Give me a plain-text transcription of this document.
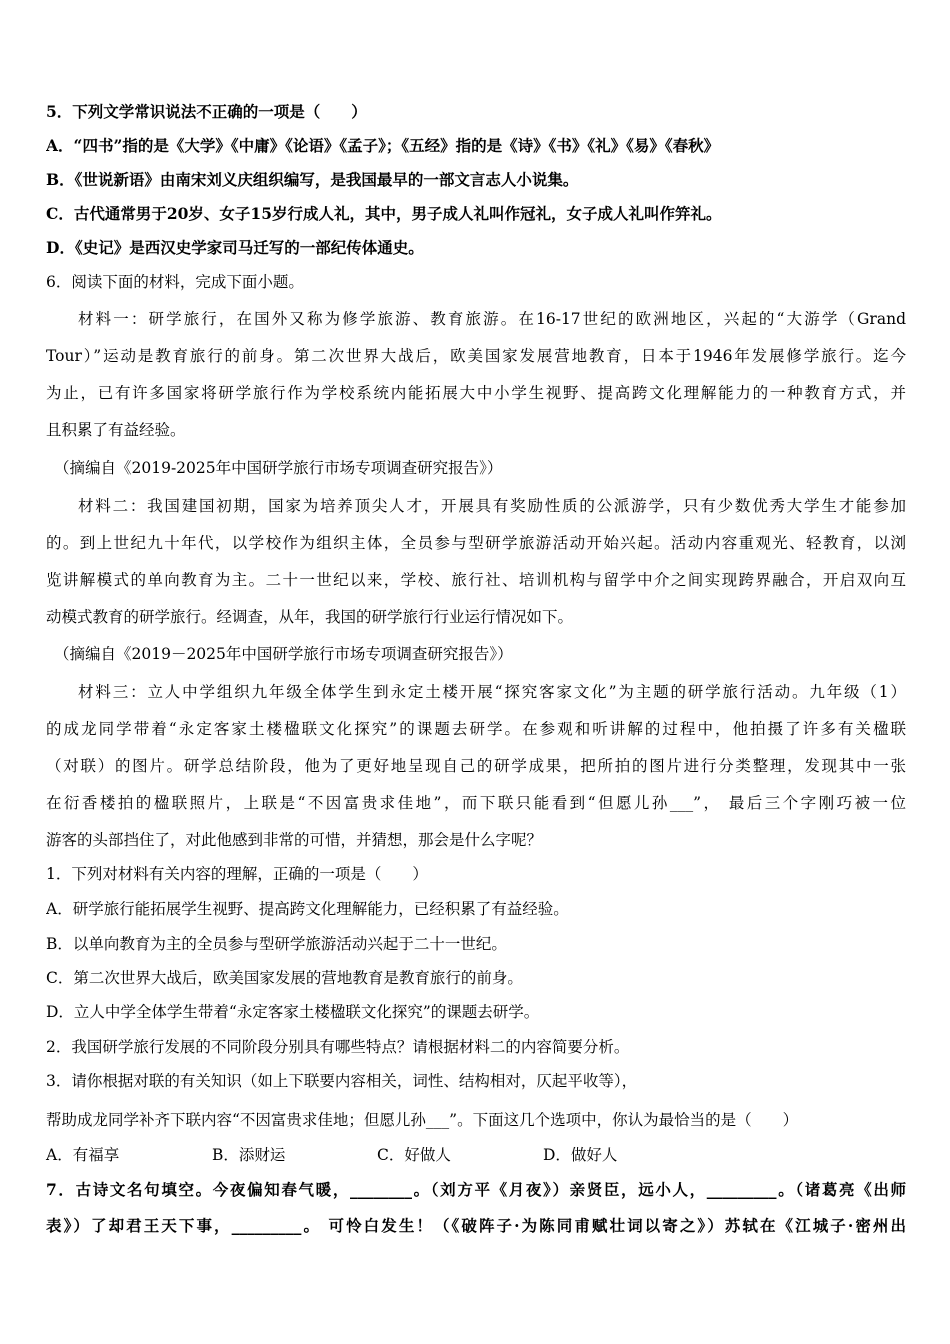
5．下列文学常识说法不正确的一项是（　　）
A．“四书”指的是《大学》《中庸》《论语》《孟子》；《五经》指的是《诗》《书》《礼》《易》《春秋》
B．《世说新语》由南宋刘义庆组织编写，是我国最早的一部文言志人小说集。
C．古代通常男于20岁、女子15岁行成人礼，其中，男子成人礼叫作冠礼，女子成人礼叫作笄礼。
D．《史记》是西汉史学家司马迁写的一部纪传体通史。
6．阅读下面的材料，完成下面小题。
材料一：研学旅行，在国外又称为修学旅游、教育旅游。在16-17世纪的欧洲地区，兴起的“大游学（Grand
Tour）”运动是教育旅行的前身。第二次世界大战后，欧美国家发展营地教育，日本于1946年发展修学旅行。迄今
为止，已有许多国家将研学旅行作为学校系统内能拓展大中小学生视野、提高跨文化理解能力的一种教育方式，并
且积累了有益经验。
（摘编自《2019-2025年中国研学旅行市场专项调查研究报告》）
材料二：我国建国初期，国家为培养顶尖人才，开展具有奖励性质的公派游学，只有少数优秀大学生才能参加
的。到上世纪九十年代，以学校作为组织主体，全员参与型研学旅游活动开始兴起。活动内容重观光、轻教育，以浏
览讲解模式的单向教育为主。二十一世纪以来，学校、旅行社、培训机构与留学中介之间实现跨界融合，开启双向互
动模式教育的研学旅行。经调查，从年，我国的研学旅行行业运行情况如下。
（摘编自《2019－2025年中国研学旅行市场专项调查研究报告》）
材料三：立人中学组织九年级全体学生到永定土楼开展“探究客家文化”为主题的研学旅行活动。九年级（1）
的成龙同学带着“永定客家土楼楹联文化探究”的课题去研学。在参观和听讲解的过程中，他拍摄了许多有关楹联
（对联）的图片。研学总结阶段，他为了更好地呈现自己的研学成果，把所拍的图片进行分类整理，发现其中一张
在衍香楼拍的楹联照片，上联是“不因富贵求佳地”，而下联只能看到“但愿儿孙___”， 最后三个字刚巧被一位
游客的头部挡住了，对此他感到非常的可惜，并猜想，那会是什么字呢？
1．下列对材料有关内容的理解，正确的一项是（　　）
A．研学旅行能拓展学生视野、提高跨文化理解能力，已经积累了有益经验。
B．以单向教育为主的全员参与型研学旅游活动兴起于二十一世纪。
C．第二次世界大战后，欧美国家发展的营地教育是教育旅行的前身。
D．立人中学全体学生带着“永定客家土楼楹联文化探究”的课题去研学。
2．我国研学旅行发展的不同阶段分别具有哪些特点？请根据材料二的内容简要分析。
3．请你根据对联的有关知识（如上下联要内容相关，词性、结构相对，仄起平收等），
帮助成龙同学补齐下联内容“不因富贵求佳地；但愿儿孙___”。下面这几个选项中，你认为最恰当的是（　　）
A．有福享	B．添财运	C．好做人	D．做好人
7．古诗文名句填空。今夜偏知春气暖，________。（刘方平《月夜》）亲贤臣，远小人，_________。（诸葛亮《出师
表》）了却君王天下事，_________。 可怜白发生！（《破阵子·为陈同甫赋壮词以寄之》）苏轼在《江城子·密州出
